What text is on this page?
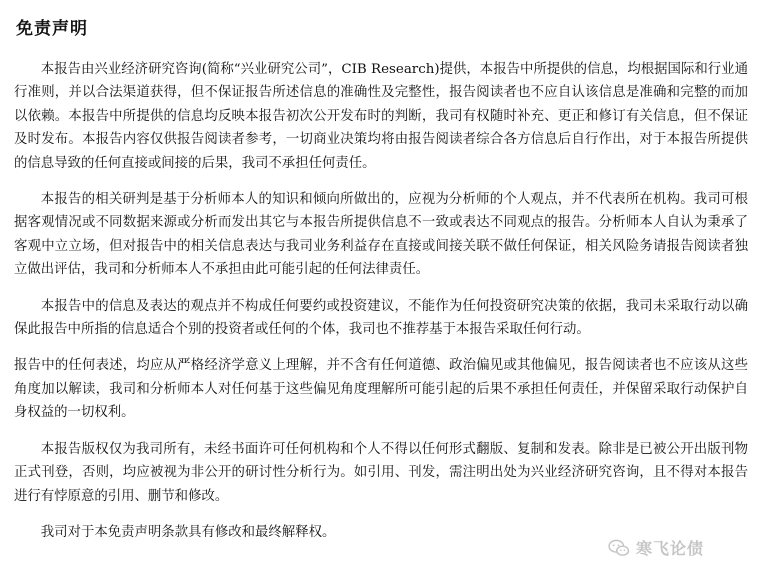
免责声明

本报告由兴业经济研究咨询(简称“兴业研究公司”，CIB Research)提供，本报告中所提供的信息，均根据国际和行业通行准则，并以合法渠道获得，但不保证报告所述信息的准确性及完整性，报告阅读者也不应自认该信息是准确和完整的而加以依赖。本报告中所提供的信息均反映本报告初次公开发布时的判断，我司有权随时补充、更正和修订有关信息，但不保证及时发布。本报告内容仅供报告阅读者参考，一切商业决策均将由报告阅读者综合各方信息后自行作出，对于本报告所提供的信息导致的任何直接或间接的后果，我司不承担任何责任。

本报告的相关研判是基于分析师本人的知识和倾向所做出的，应视为分析师的个人观点，并不代表所在机构。我司可根据客观情况或不同数据来源或分析而发出其它与本报告所提供信息不一致或表达不同观点的报告。分析师本人自认为秉承了客观中立立场，但对报告中的相关信息表达与我司业务利益存在直接或间接关联不做任何保证，相关风险务请报告阅读者独立做出评估，我司和分析师本人不承担由此可能引起的任何法律责任。

本报告中的信息及表达的观点并不构成任何要约或投资建议，不能作为任何投资研究决策的依据，我司未采取行动以确保此报告中所指的信息适合个别的投资者或任何的个体，我司也不推荐基于本报告采取任何行动。

报告中的任何表述，均应从严格经济学意义上理解，并不含有任何道德、政治偏见或其他偏见，报告阅读者也不应该从这些角度加以解读，我司和分析师本人对任何基于这些偏见角度理解所可能引起的后果不承担任何责任，并保留采取行动保护自身权益的一切权利。

本报告版权仅为我司所有，未经书面许可任何机构和个人不得以任何形式翻版、复制和发表。除非是已被公开出版刊物正式刊登，否则，均应被视为非公开的研讨性分析行为。如引用、刊发，需注明出处为兴业经济研究咨询，且不得对本报告进行有悖原意的引用、删节和修改。

我司对于本免责声明条款具有修改和最终解释权。

寒飞论债
